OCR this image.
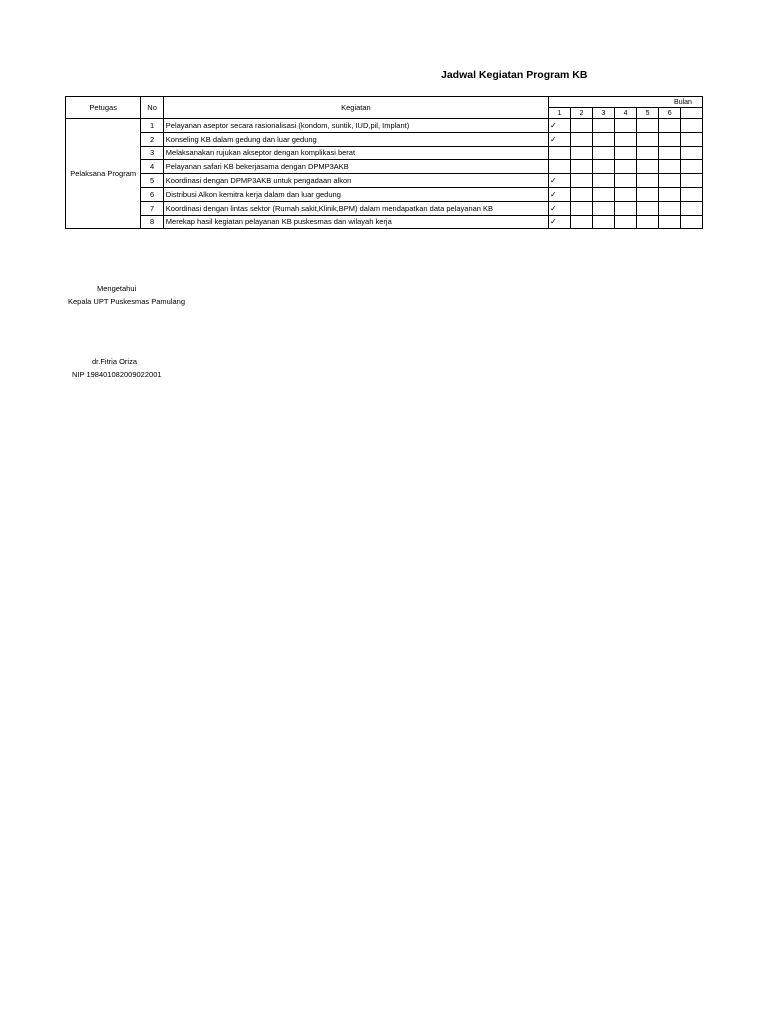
Jadwal Kegiatan Program KB
Petugas	No	Kegiatan	Bulan						
			1	2	3	4	5	6	
Pelaksana Program	1	Pelayanan aseptor secara rasionalisasi (kondom, suntik, IUD,pil, Implant)	✓						
	2	Konseling KB dalam gedung dan luar gedung	✓						
	3	Melaksanakan rujukan akseptor dengan komplikasi berat							
	4	Pelayanan safari KB bekerjasama dengan DPMP3AKB							
	5	Koordinasi dengan DPMP3AKB untuk pengadaan alkon	✓						
	6	Distribusi Alkon kemitra kerja dalam dan luar gedung	✓						
	7	Koordinasi dengan lintas sektor (Rumah sakit,Klinik,BPM) dalam mendapatkan data pelayanan KB	✓						
	8	Merekap hasil kegiatan pelayanan KB puskesmas dan wilayah kerja	✓						
Mengetahui
Kepala UPT Puskesmas Pamulang
dr.Fitria Oriza
NIP 198401082009022001
